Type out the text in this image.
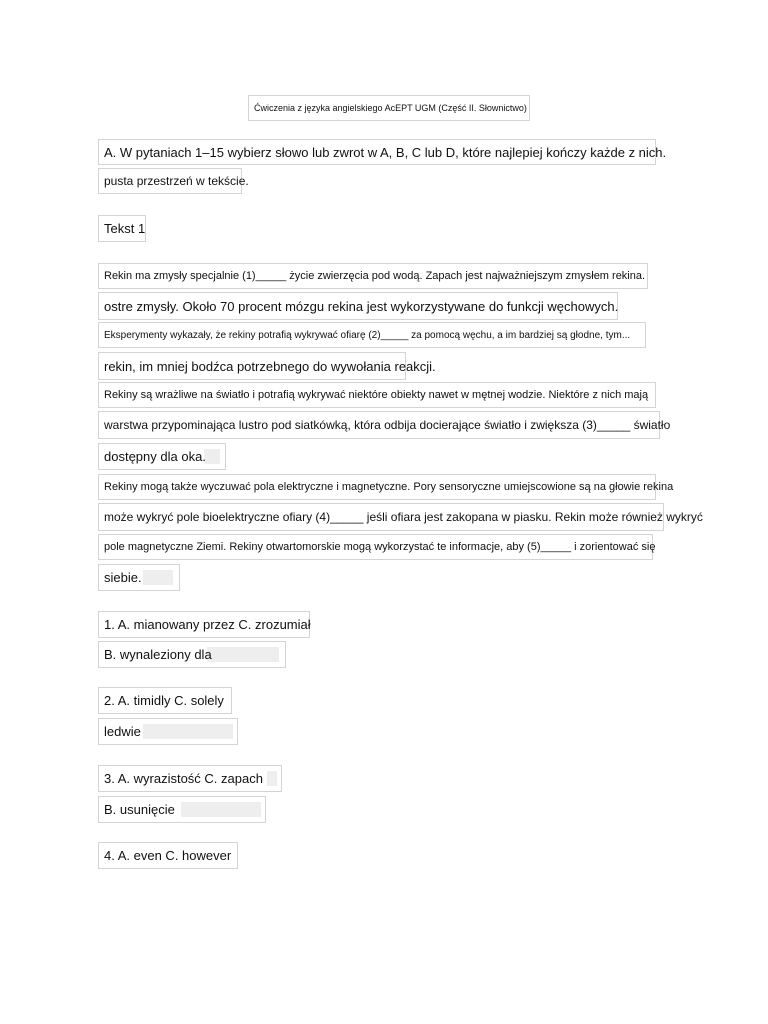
Ćwiczenia z języka angielskiego AcEPT UGM (Część II. Słownictwo)
A. W pytaniach 1–15 wybierz słowo lub zwrot w A, B, C lub D, które najlepiej kończy każde z nich.
pusta przestrzeń w tekście.
Tekst 1
Rekin ma zmysły specjalnie (1)_____ życie zwierzęcia pod wodą. Zapach jest najważniejszym zmysłem rekina.
ostre zmysły. Około 70 procent mózgu rekina jest wykorzystywane do funkcji węchowych.
Eksperymenty wykazały, że rekiny potrafią wykrywać ofiarę (2)_____ za pomocą węchu, a im bardziej są głodne, tym...
rekin, im mniej bodźca potrzebnego do wywołania reakcji.
Rekiny są wrażliwe na światło i potrafią wykrywać niektóre obiekty nawet w mętnej wodzie. Niektóre z nich mają
warstwa przypominająca lustro pod siatkówką, która odbija docierające światło i zwiększa (3)_____ światło
dostępny dla oka.
Rekiny mogą także wyczuwać pola elektryczne i magnetyczne. Pory sensoryczne umiejscowione są na głowie rekina
może wykryć pole bioelektryczne ofiary (4)_____ jeśli ofiara jest zakopana w piasku. Rekin może również wykryć
pole magnetyczne Ziemi. Rekiny otwartomorskie mogą wykorzystać te informacje, aby (5)_____ i zorientować się
siebie.
1. A. mianowany przez C. zrozumiał
B. wynaleziony dla
2. A. timidly C. solely
ledwie
3. A. wyrazistość C. zapach
B. usunięcie
4. A. even C. however
